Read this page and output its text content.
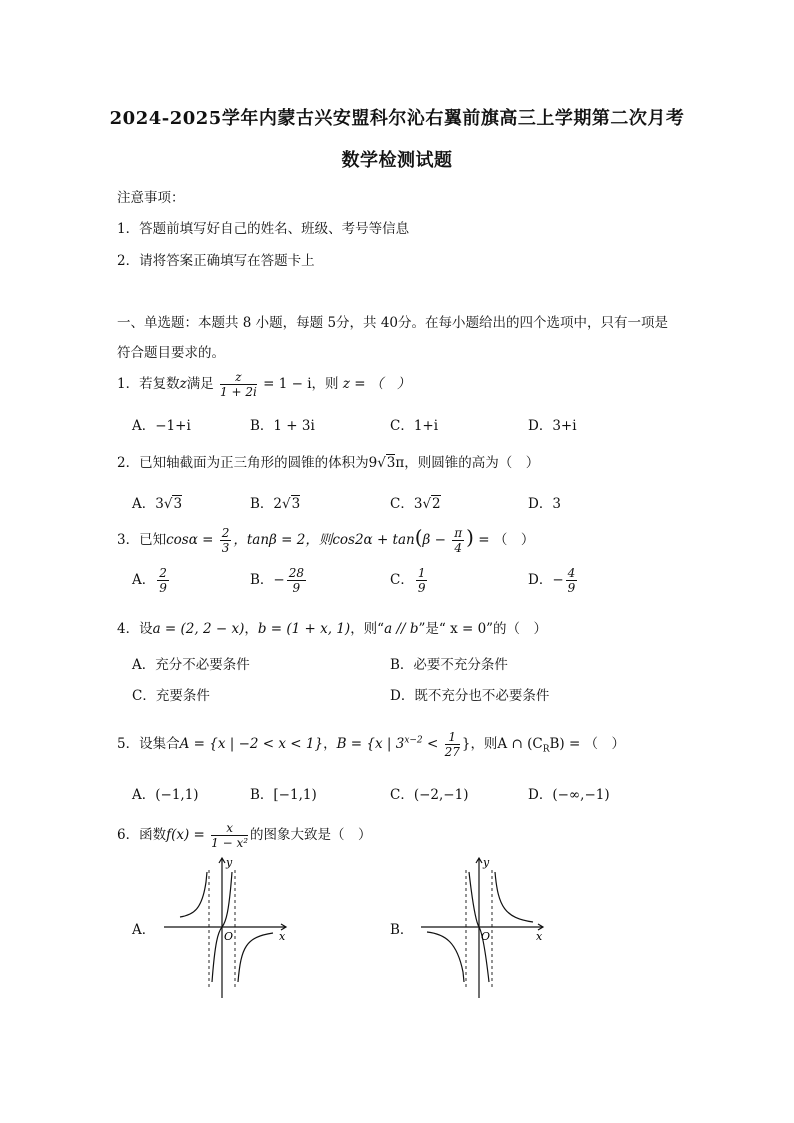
2024-2025学年内蒙古兴安盟科尔沁右翼前旗高三上学期第二次月考
数学检测试题
注意事项：
1．答题前填写好自己的姓名、班级、考号等信息
2．请将答案正确填写在答题卡上
一、单选题：本题共 8 小题，每题 5分，共 40分。在每小题给出的四个选项中，只有一项是
符合题目要求的。
1．若复数z满足 $\frac{z}{1 + 2i} = 1 - i$，则 z = （　）
A．−1+i	B．1 + 3i	C．1+i	D．3+i
2．已知轴截面为正三角形的圆锥的体积为9√3π，则圆锥的高为（　）
A．3√3	B．2√3	C．3√2	D．3
3．已知$\cos\alpha = \frac{2}{3}$ ，tanβ = 2，则$\cos 2\alpha + \tan(\beta - \frac{\pi}{4}$ ) = （　）
A． $\frac{2}{9}$	B．− $\frac{28}{9}$	C． $\frac{1}{9}$	D．− $\frac{4}{9}$
4．设a = (2, 2 − x)，b = (1 + x, 1)，则“a // b”是“ x = 0”的（　）
A．充分不必要条件	B．必要不充分条件
C．充要条件	D．既不充分也不必要条件
5．设集合A = {x | −2 < x < 1}，B = {x | $3^{x-2} < \frac{1}{27}$ }，则A ∩ $(C_RB)$ = （　）
A．(−1,1)	B．[−1,1)	C．(−2,−1)	D．(−∞,−1)
6．函数$f(x) = \frac{x}{\text{1 − x²}}$ 的图象大致是（　）
A．	B．
y
x
O
y
x
O
